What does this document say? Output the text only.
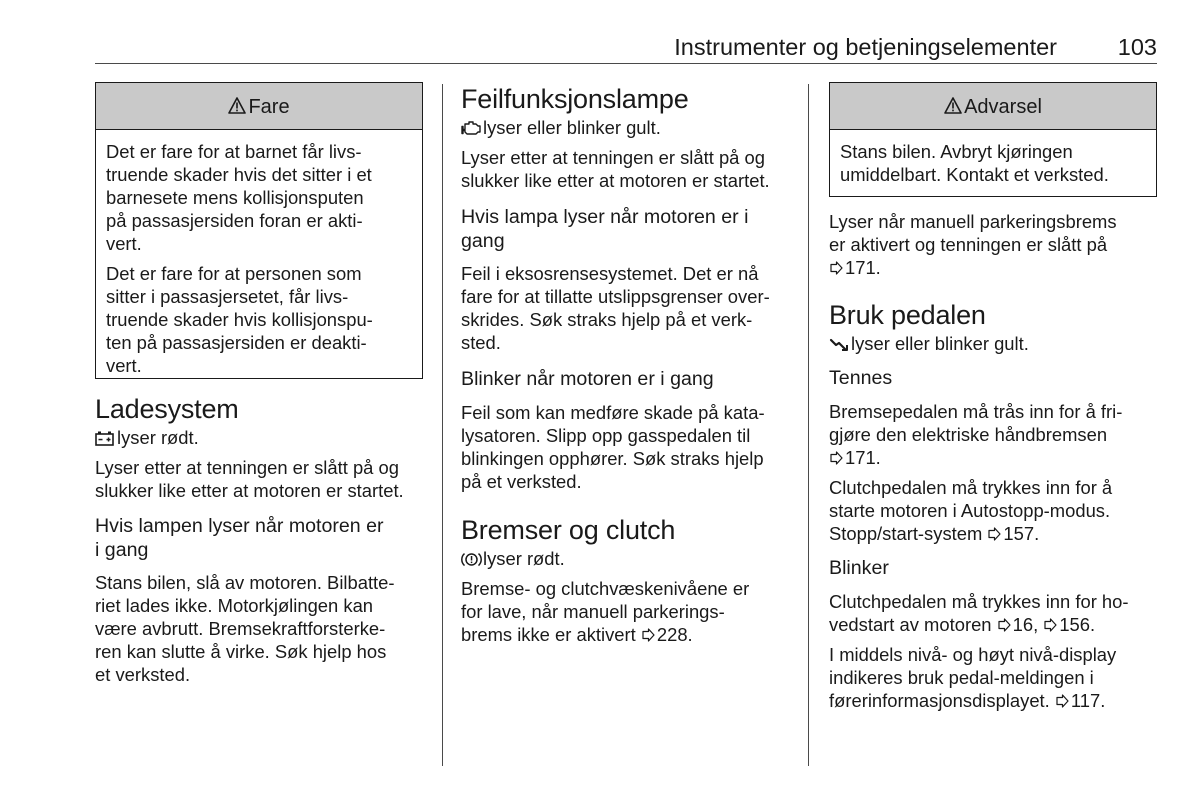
Instrumenter og betjeningselementer	103
Fare

Det er fare for at barnet får livs-
truende skader hvis det sitter i et
barnesete mens kollisjonsputen
på passasjersiden foran er akti-
vert.

Det er fare for at personen som
sitter i passasjersetet, får livs-
truende skader hvis kollisjonspu-
ten på passasjersiden er deakti-
vert.

Ladesystem

lyser rødt.

Lyser etter at tenningen er slått på og
slukker like etter at motoren er startet.

Hvis lampen lyser når motoren er
i gang

Stans bilen, slå av motoren. Bilbatte-
riet lades ikke. Motorkjølingen kan
være avbrutt. Bremsekraftforsterke-
ren kan slutte å virke. Søk hjelp hos
et verksted.

Feilfunksjonslampe

lyser eller blinker gult.

Lyser etter at tenningen er slått på og
slukker like etter at motoren er startet.

Hvis lampa lyser når motoren er i
gang

Feil i eksosrensesystemet. Det er nå
fare for at tillatte utslippsgrenser over-
skrides. Søk straks hjelp på et verk-
sted.

Blinker når motoren er i gang

Feil som kan medføre skade på kata-
lysatoren. Slipp opp gasspedalen til
blinkingen opphører. Søk straks hjelp
på et verksted.

Bremser og clutch

lyser rødt.

Bremse- og clutchvæskenivåene er
for lave, når manuell parkerings-
brems ikke er aktivert
228.

Advarsel

Stans bilen. Avbryt kjøringen
umiddelbart. Kontakt et verksted.

Lyser når manuell parkeringsbrems
er aktivert og tenningen er slått på

171.

Bruk pedalen

lyser eller blinker gult.

Tennes

Bremsepedalen må trås inn for å fri-
gjøre den elektriske håndbremsen

171.

Clutchpedalen må trykkes inn for å
starte motoren i Autostopp-modus.
Stopp/start-system
157.

Blinker

Clutchpedalen må trykkes inn for ho-
vedstart av motoren
16,
156.

I middels nivå- og høyt nivå-display
indikeres bruk pedal-meldingen i
førerinformasjonsdisplayet.
117.
